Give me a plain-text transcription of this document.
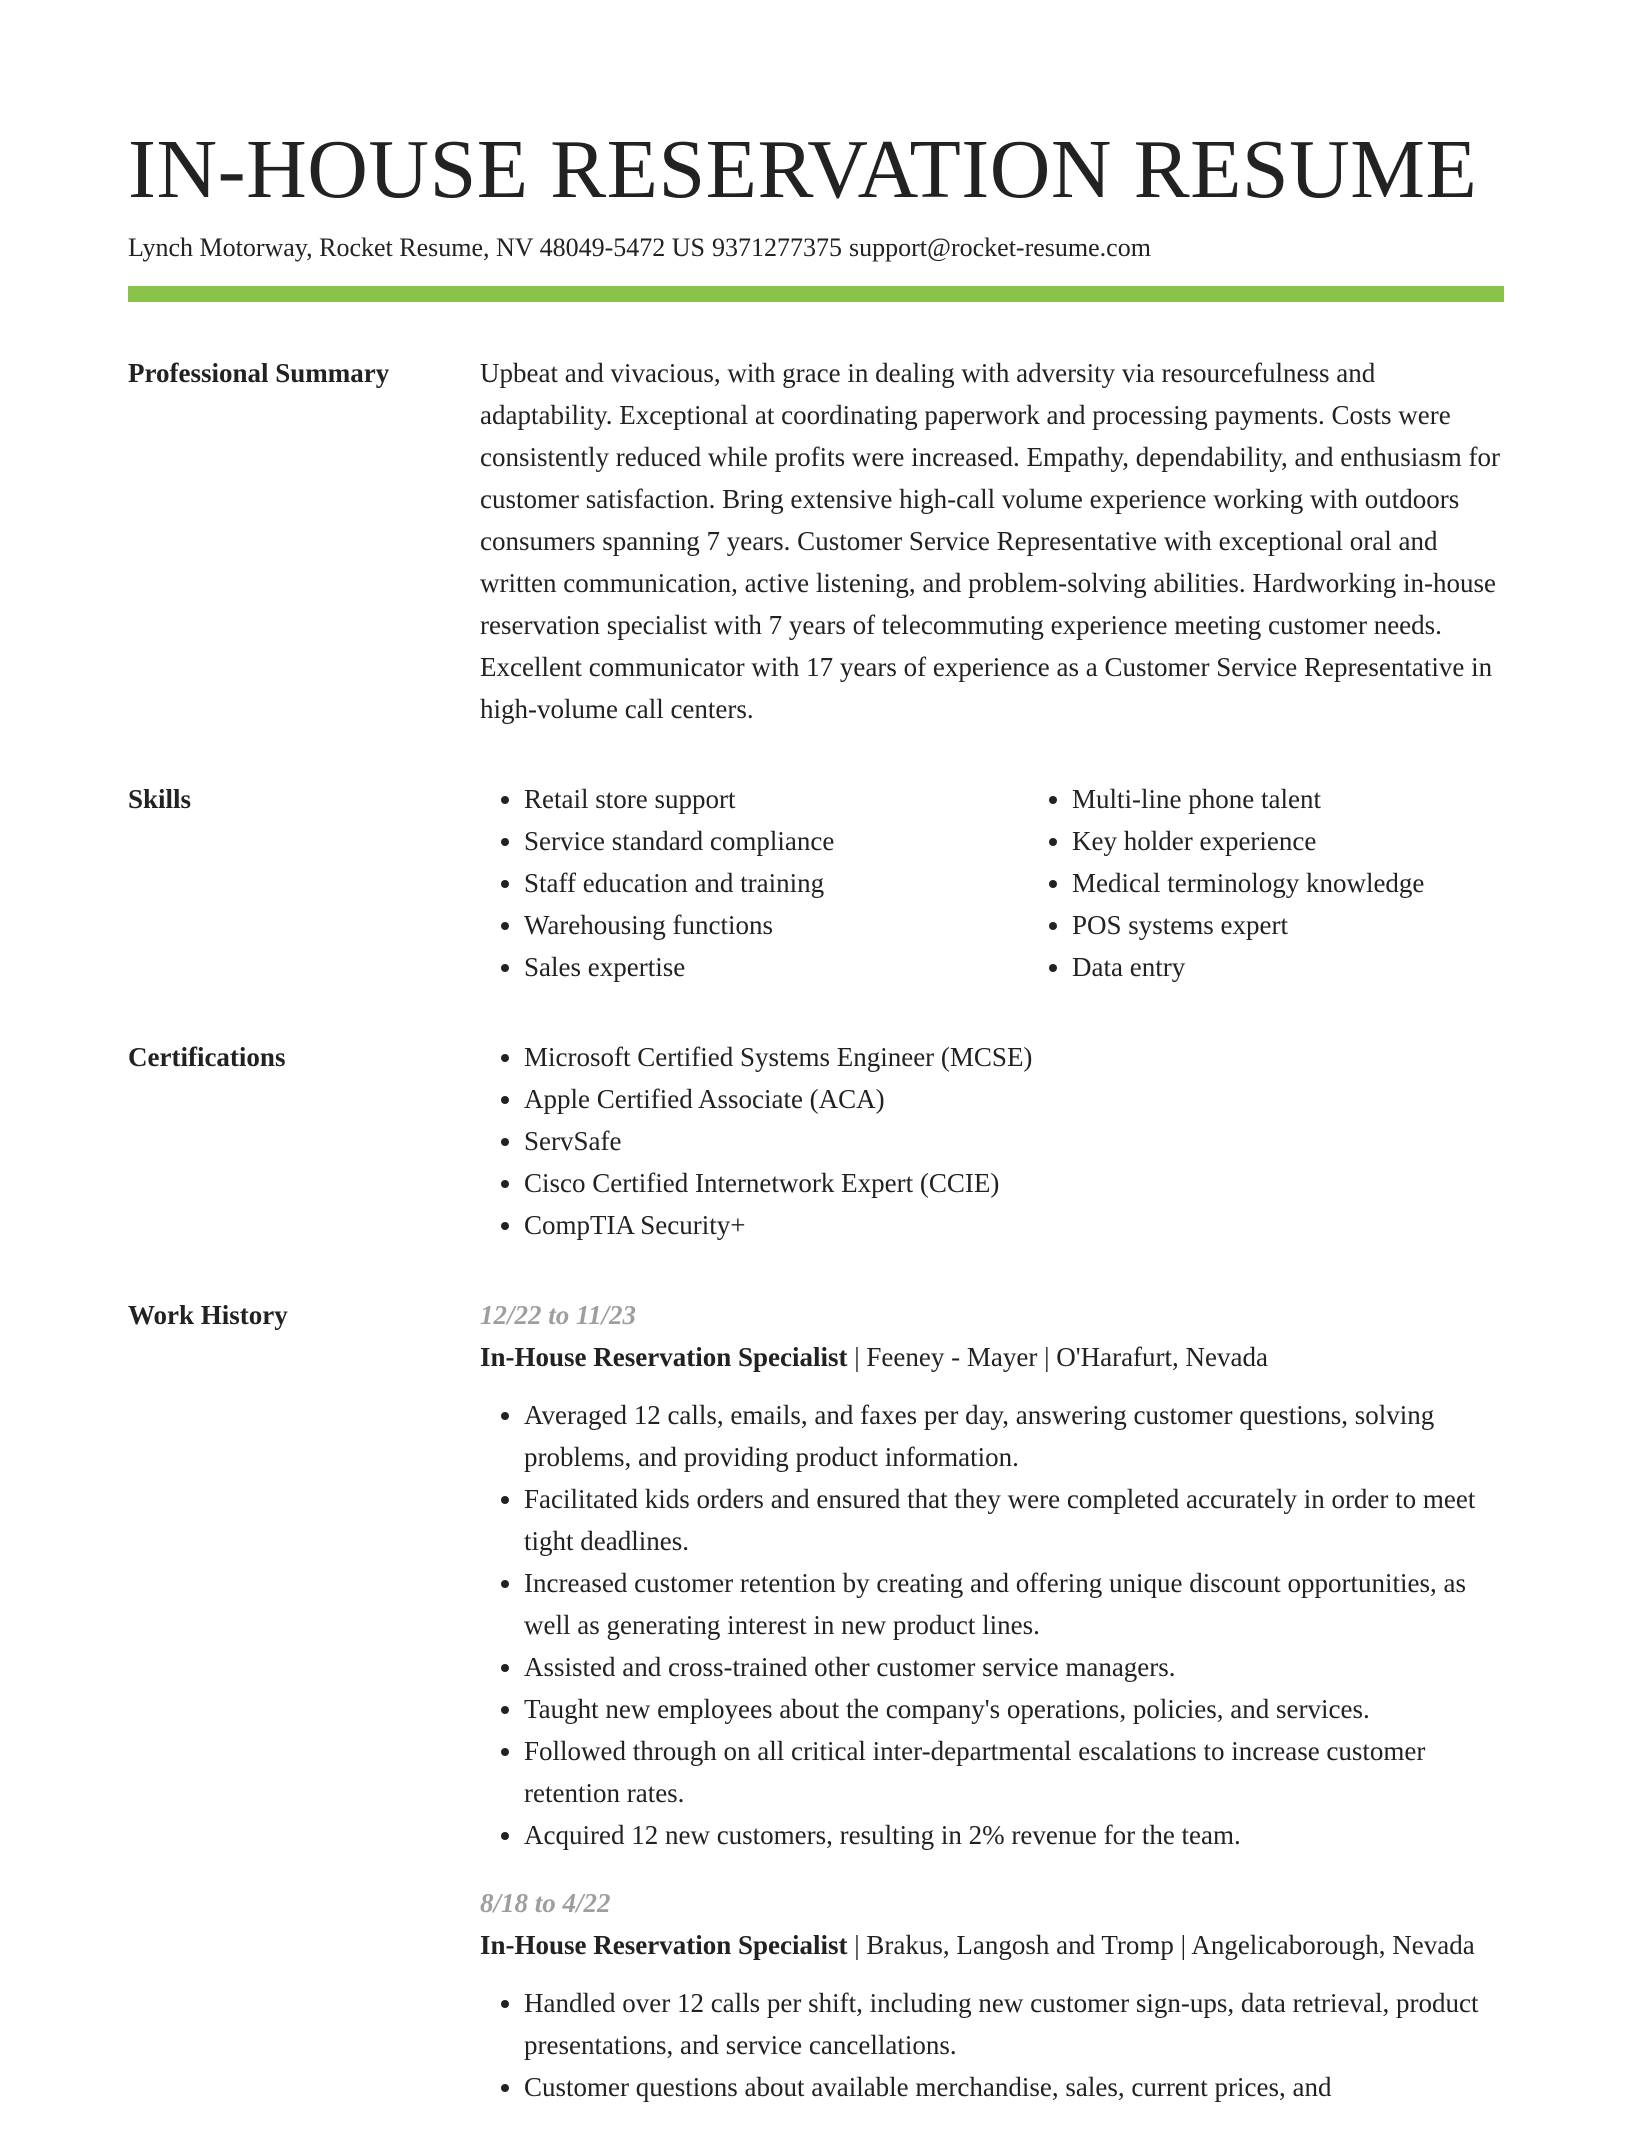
IN-HOUSE RESERVATION RESUME
Lynch Motorway, Rocket Resume, NV 48049-5472 US 9371277375 support@rocket-resume.com
Professional Summary	Upbeat and vivacious, with grace in dealing with adversity via resourcefulness and adaptability. Exceptional at coordinating paperwork and processing payments. Costs were consistently reduced while profits were increased. Empathy, dependability, and enthusiasm for customer satisfaction. Bring extensive high-call volume experience working with outdoors consumers spanning 7 years. Customer Service Representative with exceptional oral and written communication, active listening, and problem-solving abilities. Hardworking in-house reservation specialist with 7 years of telecommuting experience meeting customer needs. Excellent communicator with 17 years of experience as a Customer Service Representative in high-volume call centers.

Skills	• Retail store support
• Service standard compliance
• Staff education and training
• Warehousing functions
• Sales expertise
• Multi-line phone talent
• Key holder experience
• Medical terminology knowledge
• POS systems expert
• Data entry
Certifications	• Microsoft Certified Systems Engineer (MCSE)
• Apple Certified Associate (ACA)
• ServSafe
• Cisco Certified Internetwork Expert (CCIE)
• CompTIA Security+
Work History	12/22 to 11/23
In-House Reservation Specialist | Feeney - Mayer | O'Harafurt, Nevada
• Averaged 12 calls, emails, and faxes per day, answering customer questions, solving problems, and providing product information.
• Facilitated kids orders and ensured that they were completed accurately in order to meet tight deadlines.
• Increased customer retention by creating and offering unique discount opportunities, as well as generating interest in new product lines.
• Assisted and cross-trained other customer service managers.
• Taught new employees about the company's operations, policies, and services.
• Followed through on all critical inter-departmental escalations to increase customer retention rates.
• Acquired 12 new customers, resulting in 2% revenue for the team.
8/18 to 4/22
In-House Reservation Specialist | Brakus, Langosh and Tromp | Angelicaborough, Nevada
• Handled over 12 calls per shift, including new customer sign-ups, data retrieval, product presentations, and service cancellations.
• Customer questions about available merchandise, sales, current prices, and
